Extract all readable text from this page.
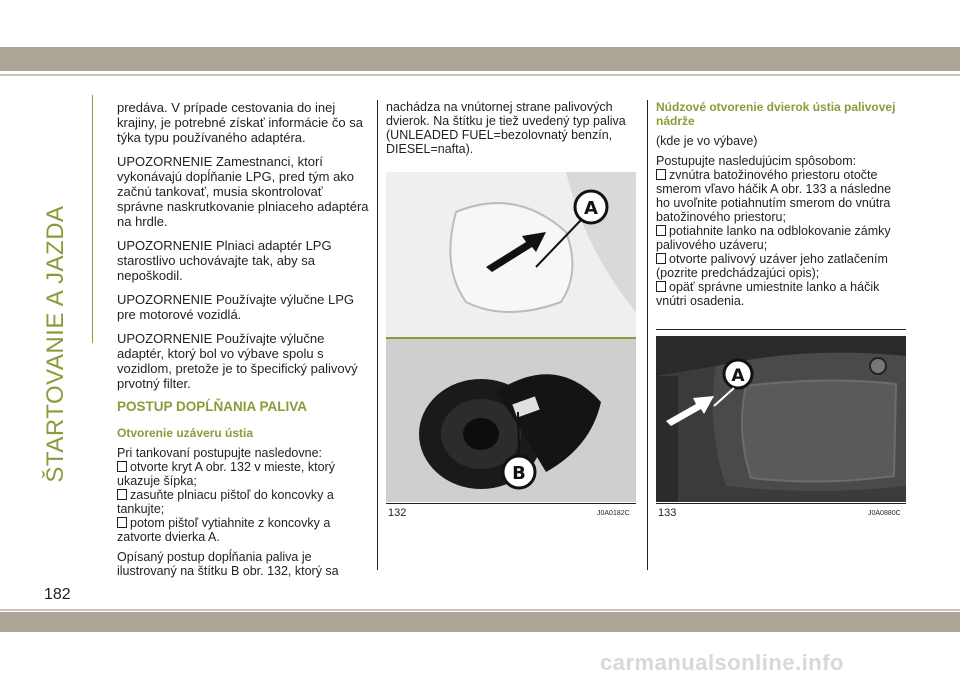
ŠTARTOVANIE A JAZDA
182

predáva. V prípade cestovania do inej krajiny, je potrebné získať informácie čo sa týka typu používaného adaptéra.

UPOZORNENIE Zamestnanci, ktorí vykonávajú dopĺňanie LPG, pred tým ako začnú tankovať, musia skontrolovať správne naskrutkovanie plniaceho adaptéra na hrdle.

UPOZORNENIE Plniaci adaptér LPG starostlivo uchovávajte tak, aby sa nepoškodil.

UPOZORNENIE Používajte výlučne LPG pre motorové vozidlá.

UPOZORNENIE Používajte výlučne adaptér, ktorý bol vo výbave spolu s vozidlom, pretože je to špecifický palivový prvotný filter.

POSTUP DOPĹŇANIA PALIVA
Otvorenie uzáveru ústia

Pri tankovaní postupujte nasledovne:
otvorte kryt A obr. 132 v mieste, ktorý ukazuje šípka;
zasuňte plniacu pištoľ do koncovky a tankujte;
potom pištoľ vytiahnite z koncovky a zatvorte dvierka A.

Opísaný postup dopĺňania paliva je ilustrovaný na štítku B obr. 132, ktorý sa

nachádza na vnútornej strane palivových dvierok. Na štítku je tiež uvedený typ paliva (UNLEADED FUEL=bezolovnatý benzín, DIESEL=nafta).

A
B
132	J0A0182C
Núdzové otvorenie dvierok ústia palivovej nádrže

(kde je vo výbave)

Postupujte nasledujúcim spôsobom:
zvnútra batožinového priestoru otočte smerom vľavo háčik A obr. 133 a následne ho uvoľnite potiahnutím smerom do vnútra batožinového priestoru;
potiahnite lanko na odblokovanie zámky palivového uzáveru;
otvorte palivový uzáver jeho zatlačením (pozrite predchádzajúci opis);
opäť správne umiestnite lanko a háčik vnútri osadenia.

A
133	J0A0880C
carmanualsonline.info
